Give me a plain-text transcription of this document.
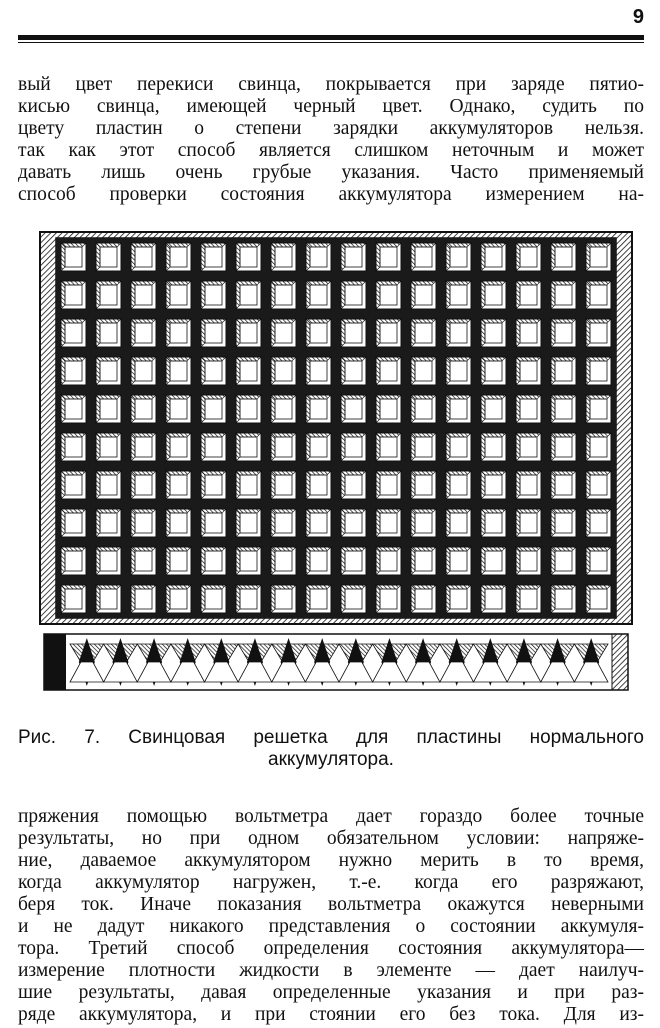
9
вый цвет перекиси свинца, покрывается при заряде пятио-
кисью свинца, имеющей черный цвет. Однако, судить по
цвету пластин о степени зарядки аккумуляторов нельзя.
так как этот способ является слишком неточным и может
давать лишь очень грубые указания. Часто применяемый
способ проверки состояния аккумулятора измерением на-
Рис. 7. Свинцовая решетка для пластины нормального
аккумулятора.
пряжения помощью вольтметра дает гораздо более точные
результаты, но при одном обязательном условии: напряже-
ние, даваемое аккумулятором нужно мерить в то время,
когда аккумулятор нагружен, т.-е. когда его разряжают,
беря ток. Иначе показания вольтметра окажутся неверными
и не дадут никакого представления о состоянии аккумуля-
тора. Третий способ определения состояния аккумулятора—
измерение плотности жидкости в элементе — дает наилуч-
шие результаты, давая определенные указания и при раз-
ряде аккумулятора, и при стоянии его без тока. Для из-
